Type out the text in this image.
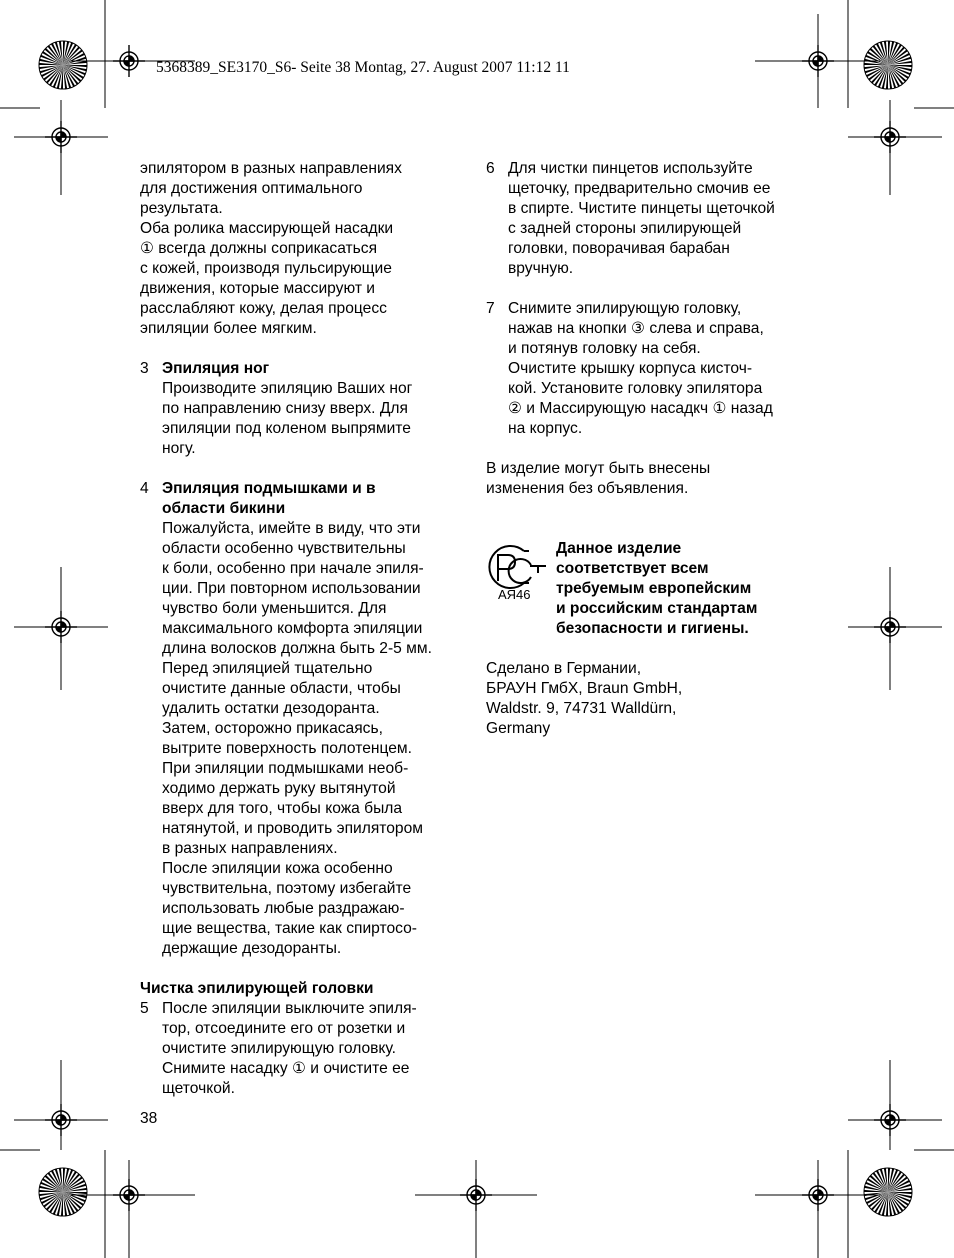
5368389_SE3170_S6- Seite 38 Montag, 27. August 2007 11:12 11
эпилятором в разных направлениях
для достижения оптимального
результата.
Оба ролика массирующей насадки
① всегда должны соприкасаться
с кожей, производя пульсирующие
движения, которые массируют и
расслабляют кожу, делая процесс
эпиляции более мягким.
3 Эпиляция ног
Производите эпиляцию Ваших ног
по направлению снизу вверх. Для
эпиляции под коленом выпрямите
ногу.
4 Эпиляция подмышками и в
области бикини
Пожалуйста, имейте в виду, что эти
области особенно чувствительны
к боли, особенно при начале эпиля-
ции. При повторном использовании
чувство боли уменьшится. Для
максимального комфорта эпиляции
длина волосков должна быть 2-5 мм.
Перед эпиляцией тщательно
очистите данные области, чтобы
удалить остатки дезодоранта.
Затем, осторожно прикасаясь,
вытрите поверхность полотенцем.
При эпиляции подмышками необ-
ходимо держать руку вытянутой
вверх для того, чтобы кожа была
натянутой, и проводить эпилятором
в разных направлениях.
После эпиляции кожа особенно
чувствительна, поэтому избегайте
использовать любые раздражаю-
щие вещества, такие как спиртосо-
держащие дезодоранты.
Чистка эпилирующей головки
5 После эпиляции выключите эпиля-
тор, отсоедините его от розетки и
очистите эпилирующую головку.
Снимите насадку ① и очистите ее
щеточкой.
6 Для чистки пинцетов используйте
щеточку, предварительно смочив ее
в спирте. Чистите пинцеты щеточкой
с задней стороны эпилирующей
головки, поворачивая барабан
вручную.
7 Снимите эпилирующую головку,
нажав на кнопки ③ слева и справа,
и потянув головку на себя.
Очистите крышку корпуса кисточ-
кой. Установите головку эпилятора
② и Массирующую насадкч ① назад
на корпус.
В изделие могут быть внесены
изменения без объявления.
АЯ46
Данное изделие
соответствует всем
требуемым европейским
и российским стандартам
безопасности и гигиены.
Сделано в Германии,
БРАУН ГмбХ, Braun GmbH,
Waldstr. 9, 74731 Walldürn,
Germany
38
